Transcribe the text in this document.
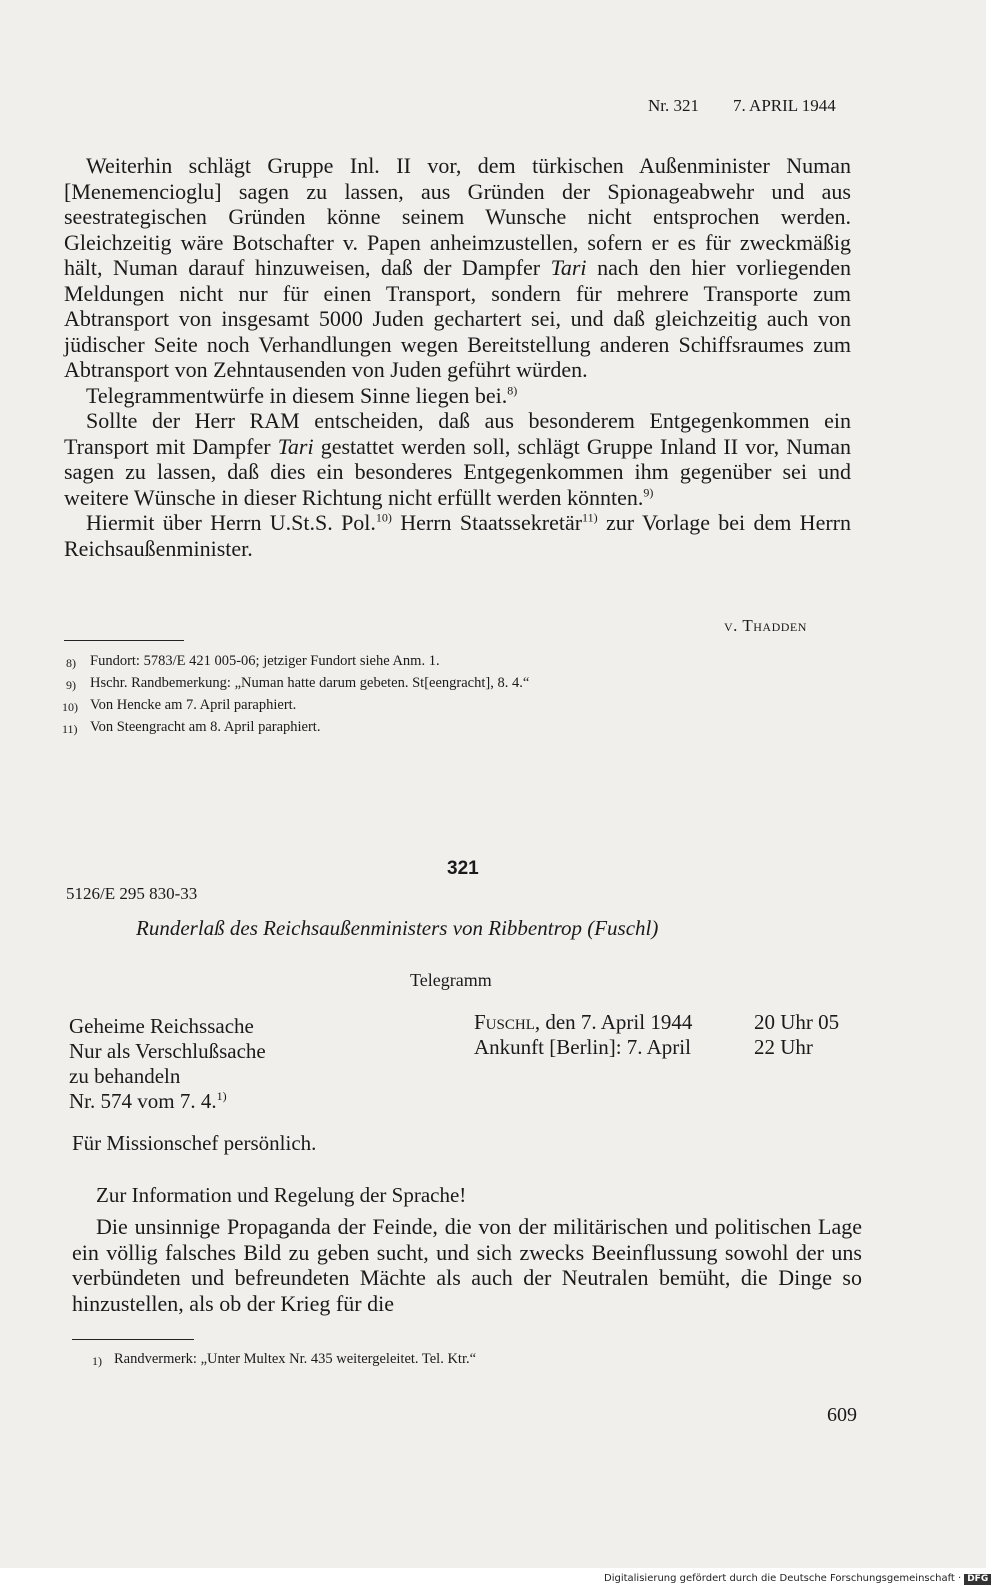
Nr. 321 7. APRIL 1944

Weiterhin schlägt Gruppe Inl. II vor, dem türkischen Außenminister Numan [Menemencioglu] sagen zu lassen, aus Gründen der Spionageabwehr und aus seestrategischen Gründen könne seinem Wunsche nicht entsprochen werden. Gleichzeitig wäre Botschafter v. Papen anheimzustellen, sofern er es für zweckmäßig hält, Numan darauf hinzuweisen, daß der Dampfer Tari nach den hier vorliegenden Meldungen nicht nur für einen Transport, sondern für mehrere Transporte zum Abtransport von insgesamt 5000 Juden gechartert sei, und daß gleichzeitig auch von jüdischer Seite noch Verhandlungen wegen Bereitstellung anderen Schiffsraumes zum Abtransport von Zehntausenden von Juden geführt würden.

Telegrammentwürfe in diesem Sinne liegen bei.$^{8)}$

Sollte der Herr RAM entscheiden, daß aus besonderem Entgegenkommen ein Transport mit Dampfer Tari gestattet werden soll, schlägt Gruppe Inland II vor, Numan sagen zu lassen, daß dies ein besonderes Entgegenkommen ihm gegenüber sei und weitere Wünsche in dieser Richtung nicht erfüllt werden könnten.$^{9)}$

Hiermit über Herrn U.St.S. Pol.$^{10)}$ Herrn Staatssekretär$^{11)}$ zur Vorlage bei dem Herrn Reichsaußenminister.

v. Thadden
8) Fundort: 5783/E 421 005-06; jetziger Fundort siehe Anm. 1.
9) Hschr. Randbemerkung: „Numan hatte darum gebeten. St[eengracht], 8. 4.“
10) Von Hencke am 7. April paraphiert.
11) Von Steengracht am 8. April paraphiert.
321
5126/E 295 830-33
Runderlaß des Reichsaußenministers von Ribbentrop (Fuschl)
Telegramm
Geheime Reichssache
Nur als Verschlußsache
zu behandeln
Nr. 574 vom 7. 4.$^{1)}$
Fuschl, den 7. April 1944
Ankunft [Berlin]: 7. April
20 Uhr 05
22 Uhr
Für Missionschef persönlich.
Zur Information und Regelung der Sprache!

Die unsinnige Propaganda der Feinde, die von der militärischen und politischen Lage ein völlig falsches Bild zu geben sucht, und sich zwecks Beeinflussung sowohl der uns verbündeten und befreundeten Mächte als auch der Neutralen bemüht, die Dinge so hinzustellen, als ob der Krieg für die

1) Randvermerk: „Unter Multex Nr. 435 weitergeleitet. Tel. Ktr.“
609
Digitalisierung gefördert durch die Deutsche Forschungsgemeinschaft · DFG
